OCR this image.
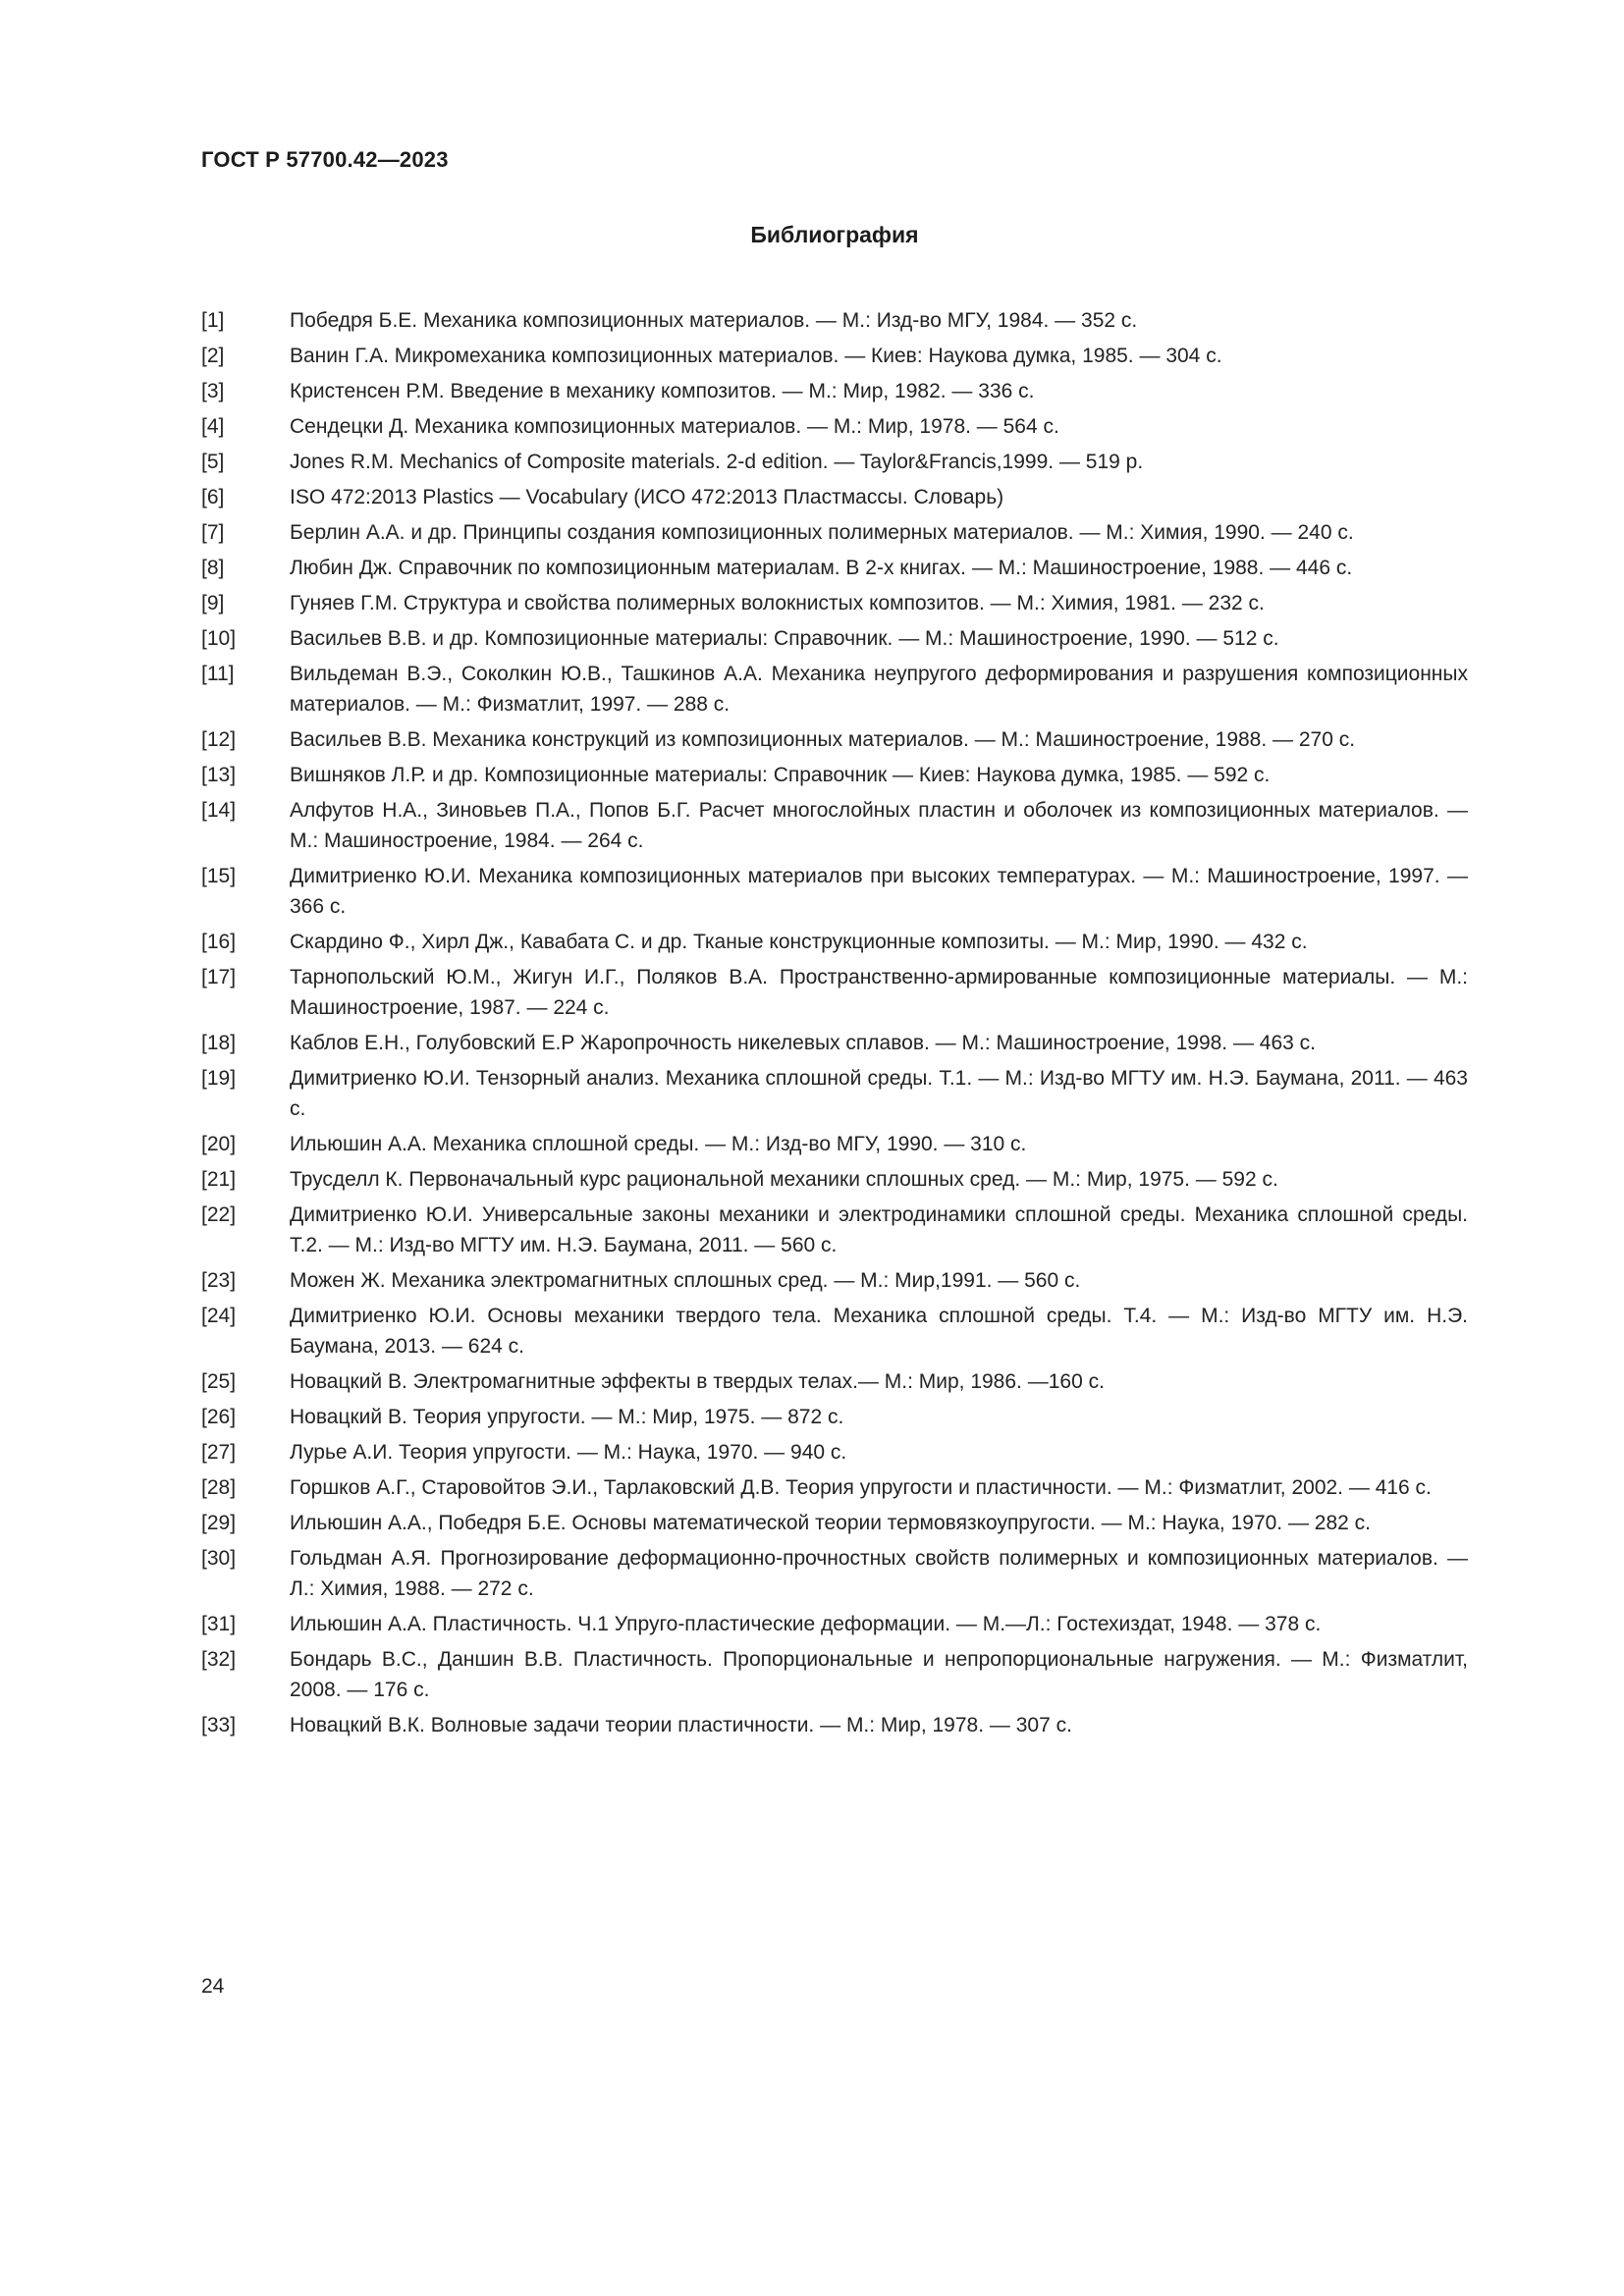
ГОСТ Р 57700.42—2023
Библиография
[1]	Победря Б.Е. Механика композиционных материалов. — М.: Изд-во МГУ, 1984. — 352 с.
[2]	Ванин Г.А. Микромеханика композиционных материалов. — Киев: Наукова думка, 1985. — 304 с.
[3]	Кристенсен Р.М. Введение в механику композитов. — М.: Мир, 1982. — 336 с.
[4]	Сендецки Д. Механика композиционных материалов. — М.: Мир, 1978. — 564 с.
[5]	Jones R.M. Mechanics of Composite materials. 2-d edition. — Taylor&Francis,1999. — 519 p.
[6]	ISO 472:2013 Plastics — Vocabulary (ИСО 472:2013 Пластмассы. Словарь)
[7]	Берлин А.А. и др. Принципы создания композиционных полимерных материалов. — М.: Химия, 1990. — 240 с.
[8]	Любин Дж. Справочник по композиционным материалам. В 2-х книгах. — М.: Машиностроение, 1988. — 446 с.
[9]	Гуняев Г.М. Структура и свойства полимерных волокнистых композитов. — М.: Химия, 1981. — 232 с.
[10]	Васильев В.В. и др. Композиционные материалы: Справочник. — М.: Машиностроение, 1990. — 512 с.
[11]	Вильдеман В.Э., Соколкин Ю.В., Ташкинов А.А. Механика неупругого деформирования и разрушения композиционных материалов. — М.: Физматлит, 1997. — 288 с.
[12]	Васильев В.В. Механика конструкций из композиционных материалов. — М.: Машиностроение, 1988. — 270 с.
[13]	Вишняков Л.Р. и др. Композиционные материалы: Справочник — Киев: Наукова думка, 1985. — 592 с.
[14]	Алфутов Н.А., Зиновьев П.А., Попов Б.Г. Расчет многослойных пластин и оболочек из композиционных материалов. — М.: Машиностроение, 1984. — 264 с.
[15]	Димитриенко Ю.И. Механика композиционных материалов при высоких температурах. — М.: Машиностроение, 1997. — 366 с.
[16]	Скардино Ф., Хирл Дж., Кавабата С. и др. Тканые конструкционные композиты. — М.: Мир, 1990. — 432 с.
[17]	Тарнопольский Ю.М., Жигун И.Г., Поляков В.А. Пространственно-армированные композиционные материалы. — М.: Машиностроение, 1987. — 224 с.
[18]	Каблов Е.Н., Голубовский Е.Р Жаропрочность никелевых сплавов. — М.: Машиностроение, 1998. — 463 с.
[19]	Димитриенко Ю.И. Тензорный анализ. Механика сплошной среды. Т.1. — М.: Изд-во МГТУ им. Н.Э. Баумана, 2011. — 463 с.
[20]	Ильюшин А.А. Механика сплошной среды. — М.: Изд-во МГУ, 1990. — 310 с.
[21]	Трусделл К. Первоначальный курс рациональной механики сплошных сред. — М.: Мир, 1975. — 592 с.
[22]	Димитриенко Ю.И. Универсальные законы механики и электродинамики сплошной среды. Механика сплошной среды. Т.2. — М.: Изд-во МГТУ им. Н.Э. Баумана, 2011. — 560 с.
[23]	Можен Ж. Механика электромагнитных сплошных сред. — М.: Мир,1991. — 560 с.
[24]	Димитриенко Ю.И. Основы механики твердого тела. Механика сплошной среды. Т.4. — М.: Изд-во МГТУ им. Н.Э. Баумана, 2013. — 624 с.
[25]	Новацкий В. Электромагнитные эффекты в твердых телах.— М.: Мир, 1986. —160 с.
[26]	Новацкий В. Теория упругости. — М.: Мир, 1975. — 872 с.
[27]	Лурье А.И. Теория упругости. — М.: Наука, 1970. — 940 с.
[28]	Горшков А.Г., Старовойтов Э.И., Тарлаковский Д.В. Теория упругости и пластичности. — М.: Физматлит, 2002. — 416 с.
[29]	Ильюшин А.А., Победря Б.Е. Основы математической теории термовязкоупругости. — М.: Наука, 1970. — 282 с.
[30]	Гольдман А.Я. Прогнозирование деформационно-прочностных свойств полимерных и композиционных материалов. — Л.: Химия, 1988. — 272 с.
[31]	Ильюшин А.А. Пластичность. Ч.1 Упруго-пластические деформации. — М.—Л.: Гостехиздат, 1948. — 378 с.
[32]	Бондарь В.С., Даншин В.В. Пластичность. Пропорциональные и непропорциональные нагружения. — М.: Физматлит, 2008. — 176 с.
[33]	Новацкий В.К. Волновые задачи теории пластичности. — М.: Мир, 1978. — 307 с.
24
